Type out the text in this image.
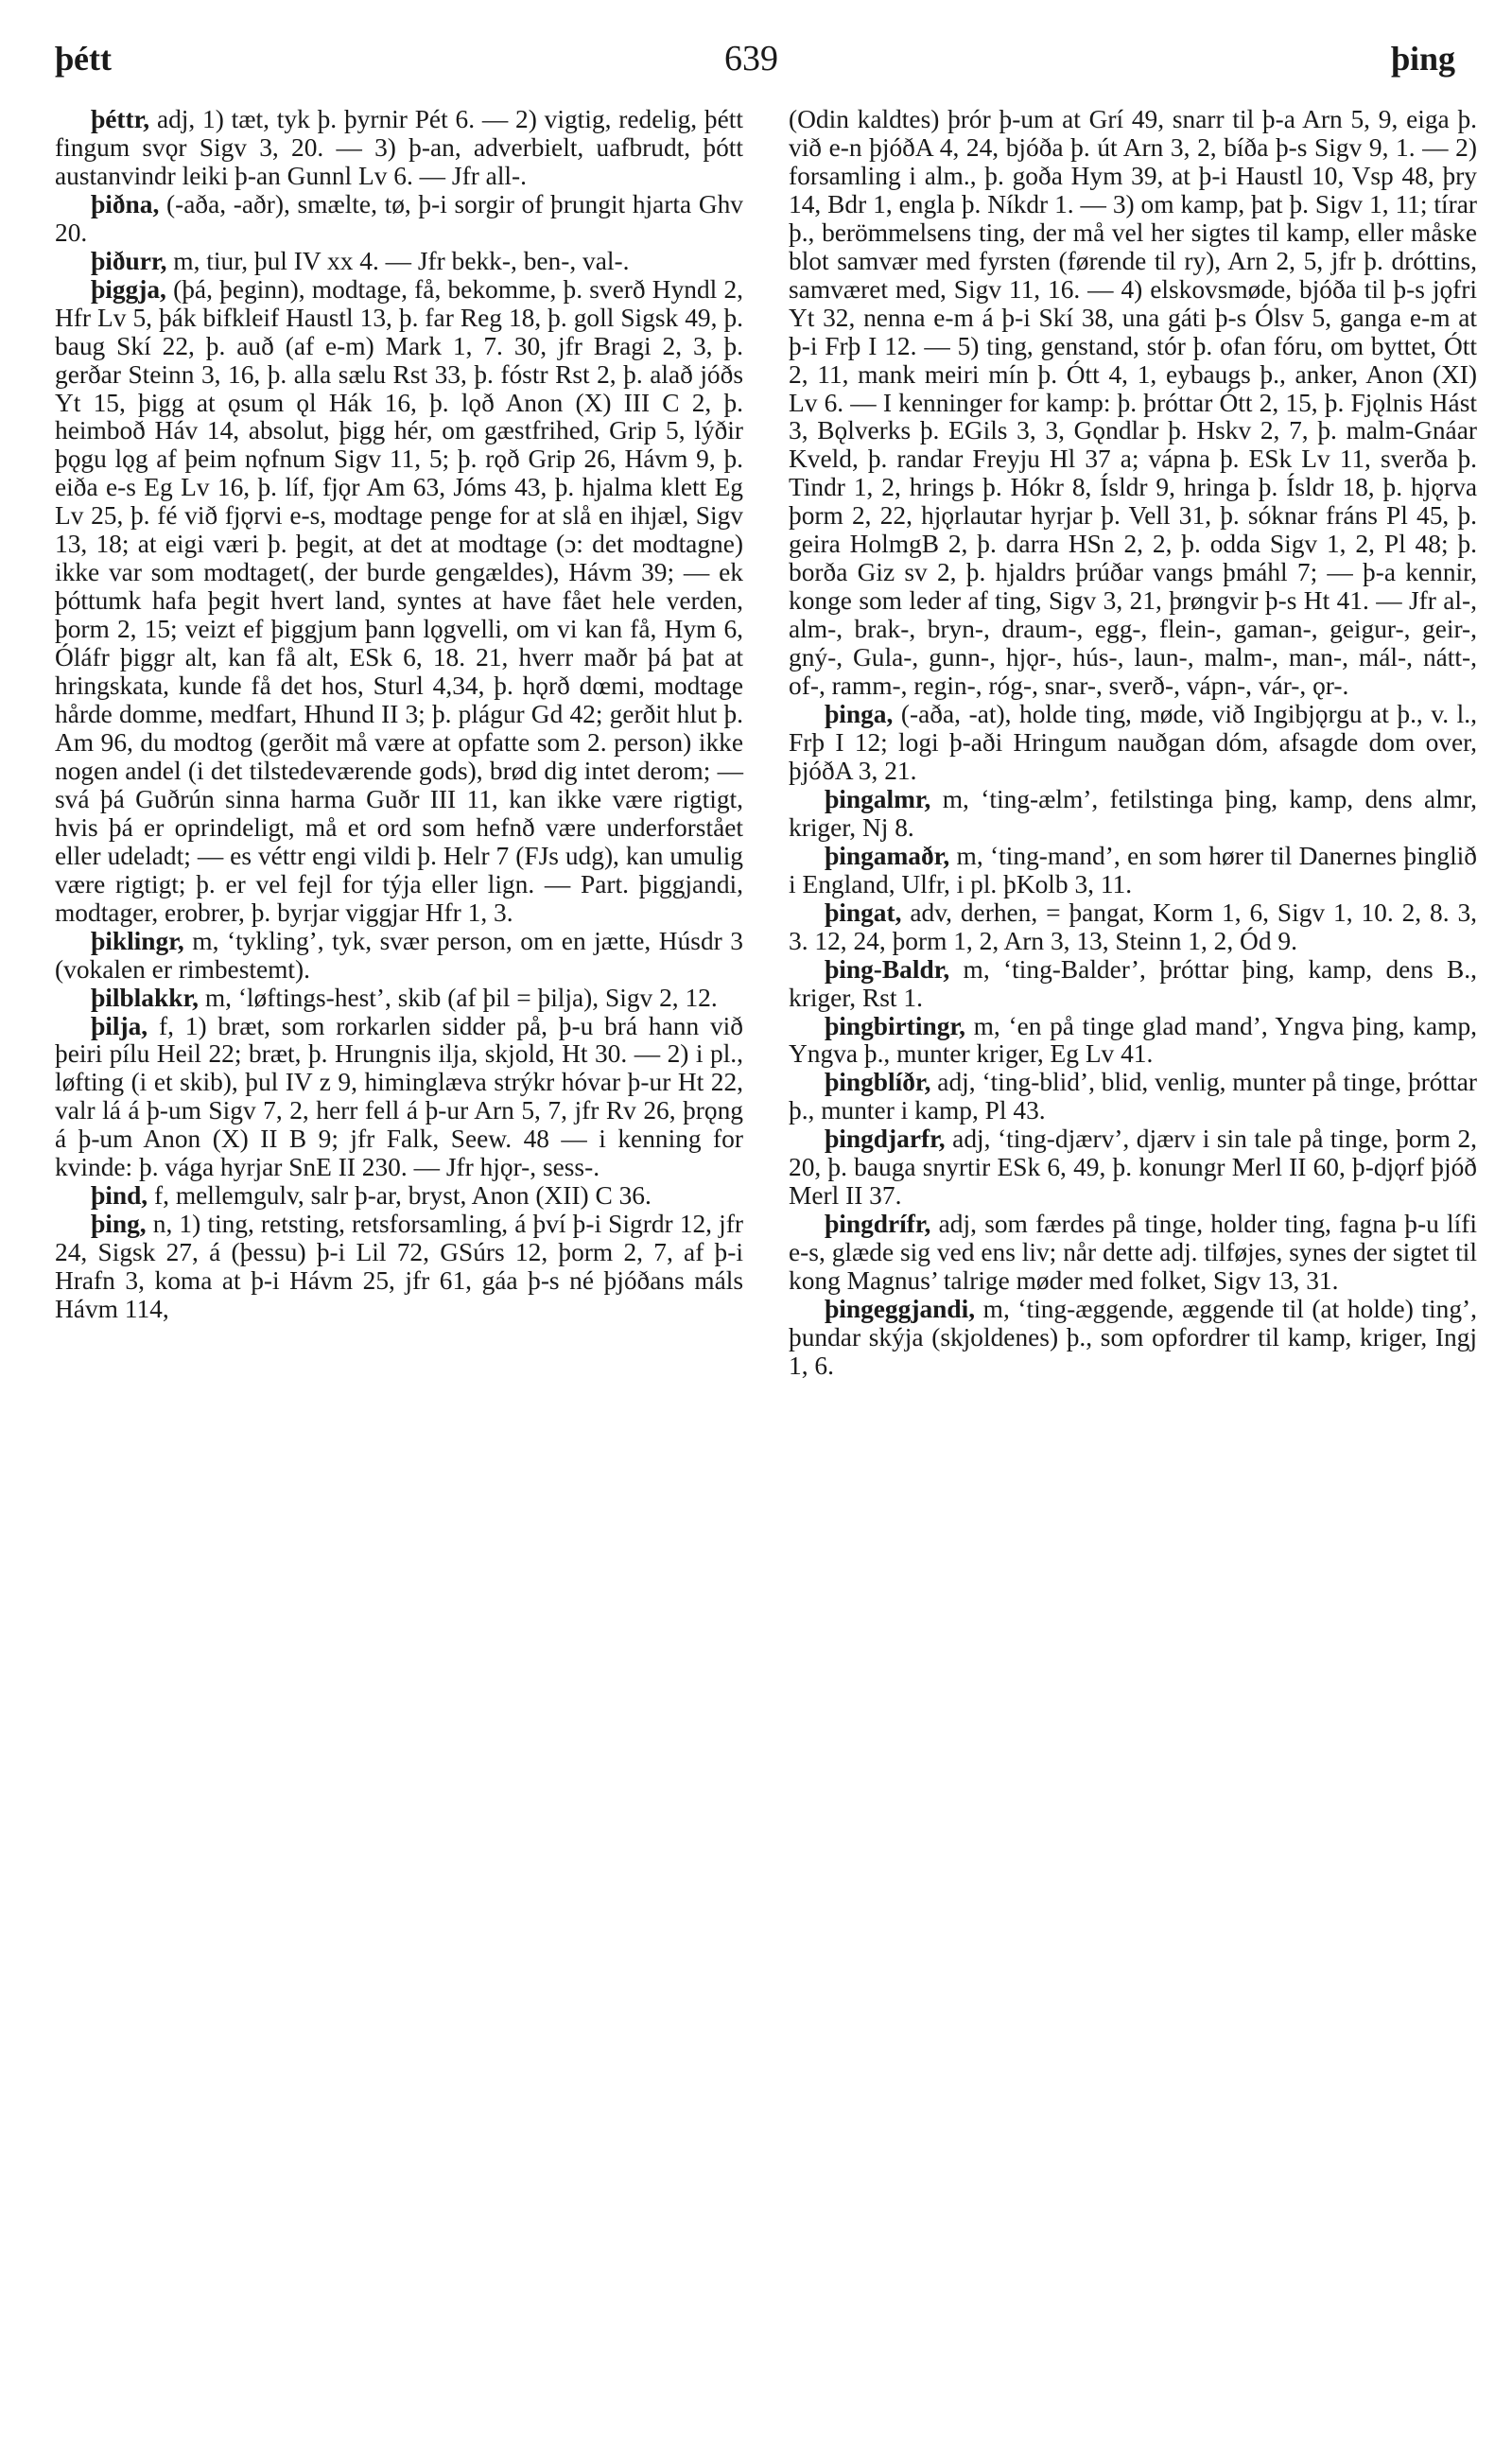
þétt	639	þing

þéttr, adj, 1) tæt, tyk þ. þyrnir Pét 6. — 2) vigtig, redelig, þétt fingum svǫr Sigv 3, 20. — 3) þ-an, adverbielt, uafbrudt, þótt austanvindr leiki þ-an Gunnl Lv 6. — Jfr all-.

þiðna, (-aða, -aðr), smælte, tø, þ-i sorgir of þrungit hjarta Ghv 20.

þiðurr, m, tiur, þul IV xx 4. — Jfr bekk-, ben-, val-.

þiggja, (þá, þeginn), modtage, få, bekomme, þ. sverð Hyndl 2, Hfr Lv 5, þák bifkleif Haustl 13, þ. far Reg 18, þ. goll Sigsk 49, þ. baug Skí 22, þ. auð (af e-m) Mark 1, 7. 30, jfr Bragi 2, 3, þ. gerðar Steinn 3, 16, þ. alla sælu Rst 33, þ. fóstr Rst 2, þ. alað jóðs Yt 15, þigg at ǫsum ǫl Hák 16, þ. lǫð Anon (X) III C 2, þ. heimboð Háv 14, absolut, þigg hér, om gæstfrihed, Grip 5, lýðir þǫgu lǫg af þeim nǫfnum Sigv 11, 5; þ. rǫð Grip 26, Hávm 9, þ. eiða e-s Eg Lv 16, þ. líf, fjǫr Am 63, Jóms 43, þ. hjalma klett Eg Lv 25, þ. fé við fjǫrvi e-s, modtage penge for at slå en ihjæl, Sigv 13, 18; at eigi væri þ. þegit, at det at modtage (ɔ: det modtagne) ikke var som modtaget(, der burde gengældes), Hávm 39; — ek þóttumk hafa þegit hvert land, syntes at have fået hele verden, þorm 2, 15; veizt ef þiggjum þann lǫgvelli, om vi kan få, Hym 6, Óláfr þiggr alt, kan få alt, ESk 6, 18. 21, hverr maðr þá þat at hringskata, kunde få det hos, Sturl 4,34, þ. hǫrð dœmi, modtage hårde domme, medfart, Hhund II 3; þ. plágur Gd 42; gerðit hlut þ. Am 96, du modtog (gerðit må være at opfatte som 2. person) ikke nogen andel (i det tilstedeværende gods), brød dig intet derom; — svá þá Guðrún sinna harma Guðr III 11, kan ikke være rigtigt, hvis þá er oprindeligt, må et ord som hefnð være underforstået eller udeladt; — es véttr engi vildi þ. Helr 7 (FJs udg), kan umulig være rigtigt; þ. er vel fejl for týja eller lign. — Part. þiggjandi, modtager, erobrer, þ. byrjar viggjar Hfr 1, 3.

þiklingr, m, ‘tykling’, tyk, svær person, om en jætte, Húsdr 3 (vokalen er rimbestemt).

þilblakkr, m, ‘løftings-hest’, skib (af þil = þilja), Sigv 2, 12.

þilja, f, 1) bræt, som rorkarlen sidder på, þ-u brá hann við þeiri pílu Heil 22; bræt, þ. Hrungnis ilja, skjold, Ht 30. — 2) i pl., løfting (i et skib), þul IV z 9, himinglæva strýkr hóvar þ-ur Ht 22, valr lá á þ-um Sigv 7, 2, herr fell á þ-ur Arn 5, 7, jfr Rv 26, þrǫng á þ-um Anon (X) II B 9; jfr Falk, Seew. 48 — i kenning for kvinde: þ. vága hyrjar SnE II 230. — Jfr hjǫr-, sess-.

þind, f, mellemgulv, salr þ-ar, bryst, Anon (XII) C 36.

þing, n, 1) ting, retsting, retsforsamling, á því þ-i Sigrdr 12, jfr 24, Sigsk 27, á (þessu) þ-i Lil 72, GSúrs 12, þorm 2, 7, af þ-i Hrafn 3, koma at þ-i Hávm 25, jfr 61, gáa þ-s né þjóðans máls Hávm 114,

(Odin kaldtes) þrór þ-um at Grí 49, snarr til þ-a Arn 5, 9, eiga þ. við e-n þjóðA 4, 24, bjóða þ. út Arn 3, 2, bíða þ-s Sigv 9, 1. — 2) forsamling i alm., þ. goða Hym 39, at þ-i Haustl 10, Vsp 48, þry 14, Bdr 1, engla þ. Níkdr 1. — 3) om kamp, þat þ. Sigv 1, 11; tírar þ., berömmelsens ting, der må vel her sigtes til kamp, eller måske blot samvær med fyrsten (førende til ry), Arn 2, 5, jfr þ. dróttins, samværet med, Sigv 11, 16. — 4) elskovsmøde, bjóða til þ-s jǫfri Yt 32, nenna e-m á þ-i Skí 38, una gáti þ-s Ólsv 5, ganga e-m at þ-i Frþ I 12. — 5) ting, genstand, stór þ. ofan fóru, om byttet, Ótt 2, 11, mank meiri mín þ. Ótt 4, 1, eybaugs þ., anker, Anon (XI) Lv 6. — I kenninger for kamp: þ. þróttar Ótt 2, 15, þ. Fjǫlnis Hást 3, Bǫlverks þ. EGils 3, 3, Gǫndlar þ. Hskv 2, 7, þ. malm-Gnáar Kveld, þ. randar Freyju Hl 37 a; vápna þ. ESk Lv 11, sverða þ. Tindr 1, 2, hrings þ. Hókr 8, Ísldr 9, hringa þ. Ísldr 18, þ. hjǫrva þorm 2, 22, hjǫrlautar hyrjar þ. Vell 31, þ. sóknar fráns Pl 45, þ. geira HolmgB 2, þ. darra HSn 2, 2, þ. odda Sigv 1, 2, Pl 48; þ. borða Giz sv 2, þ. hjaldrs þrúðar vangs þmáhl 7; — þ-a kennir, konge som leder af ting, Sigv 3, 21, þrøngvir þ-s Ht 41. — Jfr al-, alm-, brak-, bryn-, draum-, egg-, flein-, gaman-, geigur-, geir-, gný-, Gula-, gunn-, hjǫr-, hús-, laun-, malm-, man-, mál-, nátt-, of-, ramm-, regin-, róg-, snar-, sverð-, vápn-, vár-, ǫr-.

þinga, (-aða, -at), holde ting, møde, við Ingibjǫrgu at þ., v. l., Frþ I 12; logi þ-aði Hringum nauðgan dóm, afsagde dom over, þjóðA 3, 21.

þingalmr, m, ‘ting-ælm’, fetilstinga þing, kamp, dens almr, kriger, Nj 8.

þingamaðr, m, ‘ting-mand’, en som hører til Danernes þinglið i England, Ulfr, i pl. þKolb 3, 11.

þingat, adv, derhen, = þangat, Korm 1, 6, Sigv 1, 10. 2, 8. 3, 3. 12, 24, þorm 1, 2, Arn 3, 13, Steinn 1, 2, Ód 9.

þing-Baldr, m, ‘ting-Balder’, þróttar þing, kamp, dens B., kriger, Rst 1.

þingbirtingr, m, ‘en på tinge glad mand’, Yngva þing, kamp, Yngva þ., munter kriger, Eg Lv 41.

þingblíðr, adj, ‘ting-blid’, blid, venlig, munter på tinge, þróttar þ., munter i kamp, Pl 43.

þingdjarfr, adj, ‘ting-djærv’, djærv i sin tale på tinge, þorm 2, 20, þ. bauga snyrtir ESk 6, 49, þ. konungr Merl II 60, þ-djǫrf þjóð Merl II 37.

þingdrífr, adj, som færdes på tinge, holder ting, fagna þ-u lífi e-s, glæde sig ved ens liv; når dette adj. tilføjes, synes der sigtet til kong Magnus’ talrige møder med folket, Sigv 13, 31.

þingeggjandi, m, ‘ting-æggende, æggende til (at holde) ting’, þundar skýja (skjoldenes) þ., som opfordrer til kamp, kriger, Ingj 1, 6.
